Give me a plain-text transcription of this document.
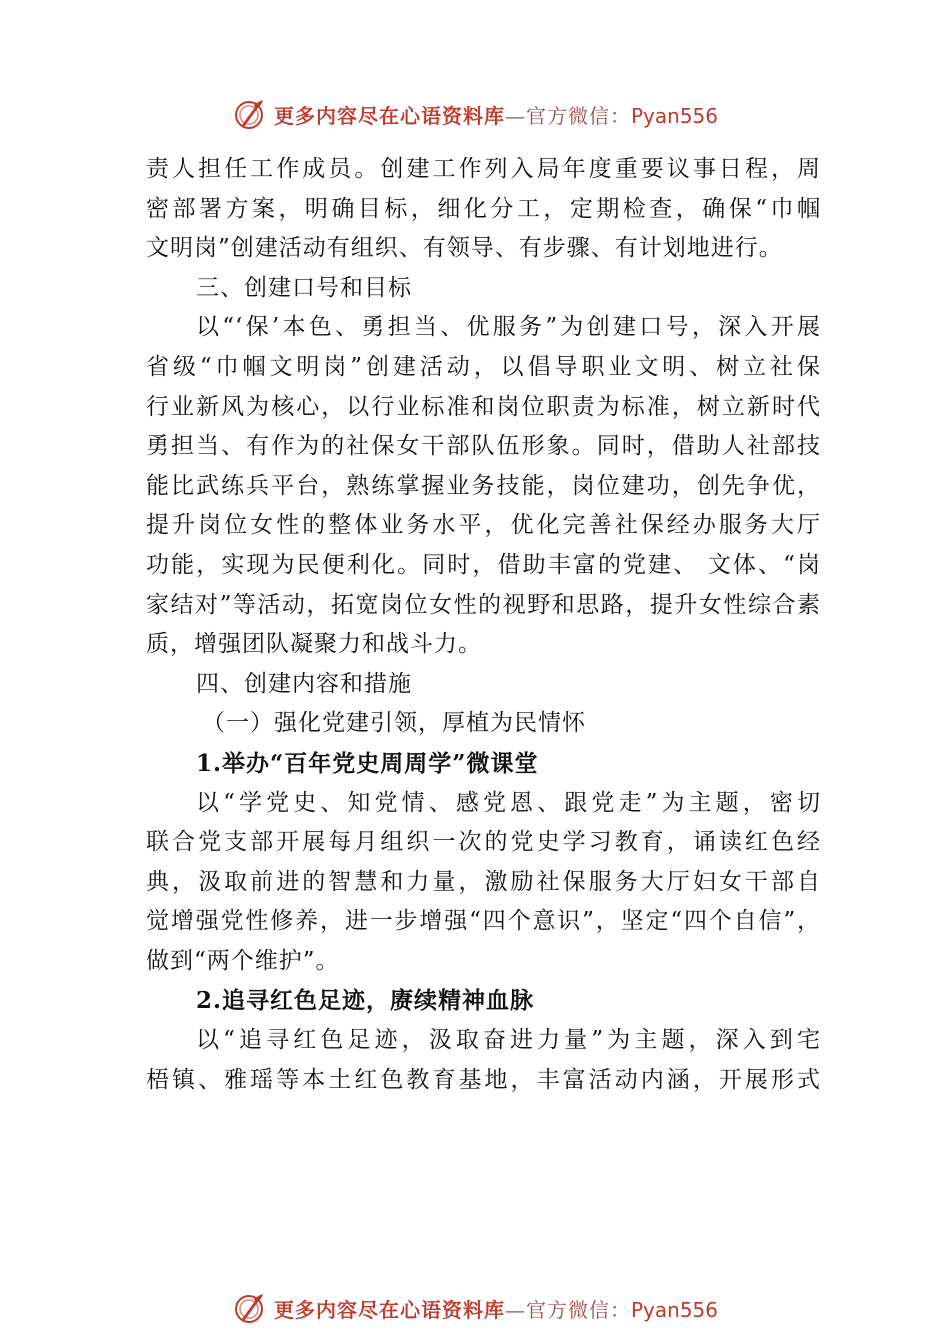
更多内容尽在心语资料库—官方微信：Pyan556
责人担任工作成员。创建工作列入局年度重要议事日程，周
密部署方案，明确目标，细化分工，定期检查，确保“巾帼
文明岗”创建活动有组织、有领导、有步骤、有计划地进行。
三、创建口号和目标
以“‘保’本色、勇担当、优服务”为创建口号，深入开展
省级“巾帼文明岗”创建活动，以倡导职业文明、树立社保
行业新风为核心，以行业标准和岗位职责为标准，树立新时代
勇担当、有作为的社保女干部队伍形象。同时，借助人社部技
能比武练兵平台，熟练掌握业务技能，岗位建功，创先争优，
提升岗位女性的整体业务水平，优化完善社保经办服务大厅
功能，实现为民便利化。同时，借助丰富的党建、 文体、“岗
家结对”等活动，拓宽岗位女性的视野和思路，提升女性综合素
质，增强团队凝聚力和战斗力。
四、创建内容和措施
（一）强化党建引领，厚植为民情怀
1.举办“百年党史周周学”微课堂
以“学党史、知党情、感党恩、跟党走”为主题，密切
联合党支部开展每月组织一次的党史学习教育，诵读红色经
典，汲取前进的智慧和力量，激励社保服务大厅妇女干部自
觉增强党性修养，进一步增强“四个意识”，坚定“四个自信”，
做到“两个维护”。
2.追寻红色足迹，赓续精神血脉
以“追寻红色足迹，汲取奋进力量”为主题，深入到宅
梧镇、雅瑶等本土红色教育基地，丰富活动内涵，开展形式
更多内容尽在心语资料库—官方微信：Pyan556
